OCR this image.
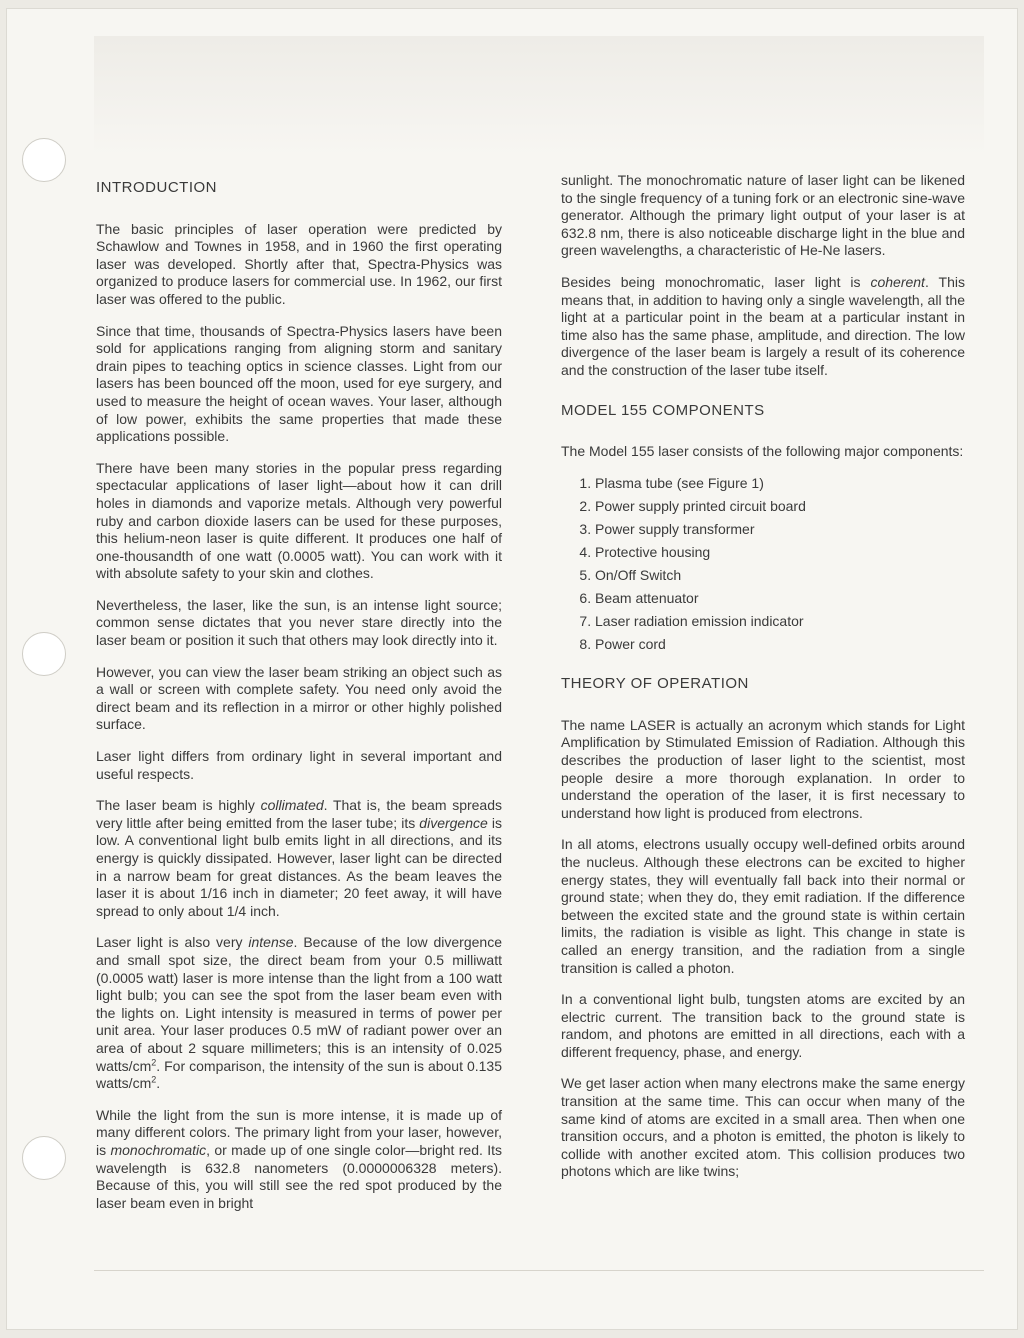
INTRODUCTION

The basic principles of laser operation were predicted by Schawlow and Townes in 1958, and in 1960 the first operating laser was developed. Shortly after that, Spectra-Physics was organized to produce lasers for commercial use. In 1962, our first laser was offered to the public.

Since that time, thousands of Spectra-Physics lasers have been sold for applications ranging from aligning storm and sanitary drain pipes to teaching optics in science classes. Light from our lasers has been bounced off the moon, used for eye surgery, and used to measure the height of ocean waves. Your laser, although of low power, exhibits the same properties that made these applications possible.

There have been many stories in the popular press regarding spectacular applications of laser light—about how it can drill holes in diamonds and vaporize metals. Although very powerful ruby and carbon dioxide lasers can be used for these purposes, this helium-neon laser is quite different. It produces one half of one-thousandth of one watt (0.0005 watt). You can work with it with absolute safety to your skin and clothes.

Nevertheless, the laser, like the sun, is an intense light source; common sense dictates that you never stare directly into the laser beam or position it such that others may look directly into it.

However, you can view the laser beam striking an object such as a wall or screen with complete safety. You need only avoid the direct beam and its reflection in a mirror or other highly polished surface.

Laser light differs from ordinary light in several important and useful respects.

The laser beam is highly collimated. That is, the beam spreads very little after being emitted from the laser tube; its divergence is low. A conventional light bulb emits light in all directions, and its energy is quickly dissipated. However, laser light can be directed in a narrow beam for great distances. As the beam leaves the laser it is about 1/16 inch in diameter; 20 feet away, it will have spread to only about 1/4 inch.

Laser light is also very intense. Because of the low divergence and small spot size, the direct beam from your 0.5 milliwatt (0.0005 watt) laser is more intense than the light from a 100 watt light bulb; you can see the spot from the laser beam even with the lights on. Light intensity is measured in terms of power per unit area. Your laser produces 0.5 mW of radiant power over an area of about 2 square millimeters; this is an intensity of 0.025 watts/$cm^2$. For comparison, the intensity of the sun is about 0.135 watts/$cm^2$.

While the light from the sun is more intense, it is made up of many different colors. The primary light from your laser, however, is monochromatic, or made up of one single color—bright red. Its wavelength is 632.8 nanometers (0.0000006328 meters). Because of this, you will still see the red spot produced by the laser beam even in bright

sunlight. The monochromatic nature of laser light can be likened to the single frequency of a tuning fork or an electronic sine-wave generator. Although the primary light output of your laser is at 632.8 nm, there is also noticeable discharge light in the blue and green wavelengths, a characteristic of He-Ne lasers.

Besides being monochromatic, laser light is coherent. This means that, in addition to having only a single wavelength, all the light at a particular point in the beam at a particular instant in time also has the same phase, amplitude, and direction. The low divergence of the laser beam is largely a result of its coherence and the construction of the laser tube itself.

MODEL 155 COMPONENTS

The Model 155 laser consists of the following major components:

1. Plasma tube (see Figure 1)
2. Power supply printed circuit board
3. Power supply transformer
4. Protective housing
5. On/Off Switch
6. Beam attenuator
7. Laser radiation emission indicator
8. Power cord
THEORY OF OPERATION

The name LASER is actually an acronym which stands for Light Amplification by Stimulated Emission of Radiation. Although this describes the production of laser light to the scientist, most people desire a more thorough explanation. In order to understand the operation of the laser, it is first necessary to understand how light is produced from electrons.

In all atoms, electrons usually occupy well-defined orbits around the nucleus. Although these electrons can be excited to higher energy states, they will eventually fall back into their normal or ground state; when they do, they emit radiation. If the difference between the excited state and the ground state is within certain limits, the radiation is visible as light. This change in state is called an energy transition, and the radiation from a single transition is called a photon.

In a conventional light bulb, tungsten atoms are excited by an electric current. The transition back to the ground state is random, and photons are emitted in all directions, each with a different frequency, phase, and energy.

We get laser action when many electrons make the same energy transition at the same time. This can occur when many of the same kind of atoms are excited in a small area. Then when one transition occurs, and a photon is emitted, the photon is likely to collide with another excited atom. This collision produces two photons which are like twins;
